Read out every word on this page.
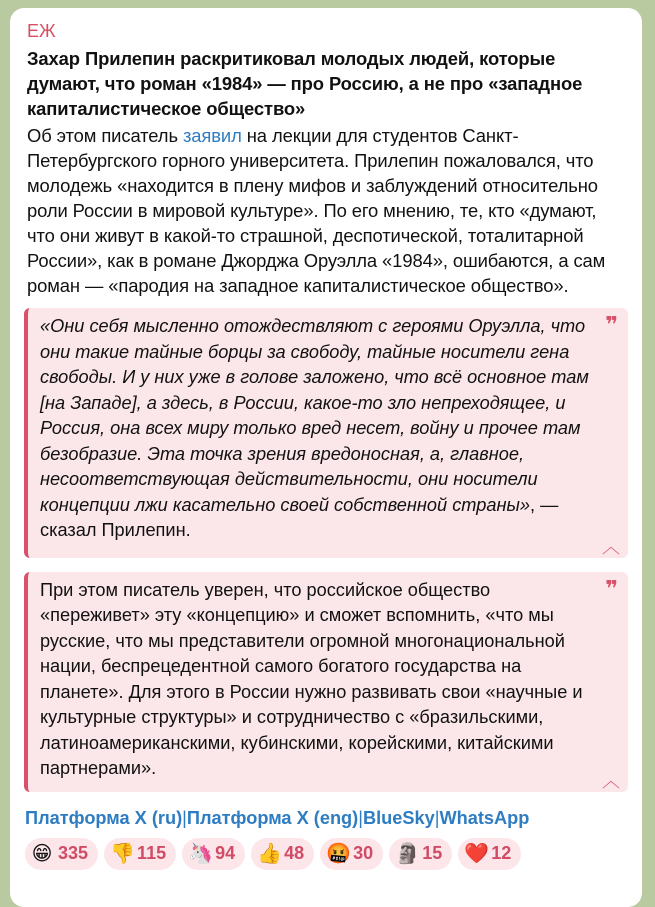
ЕЖ
Захар Прилепин раскритиковал молодых людей, которые думают, что роман «1984» — про Россию, а не про «западное капиталистическое общество»
Об этом писатель заявил на лекции для студентов Санкт-Петербургского горного университета. Прилепин пожаловался, что молодежь «находится в плену мифов и заблуждений относительно роли России в мировой культуре». По его мнению, те, кто «думают, что они живут в какой-то страшной, деспотической, тоталитарной России», как в романе Джорджа Оруэлла «1984», ошибаются, а сам роман — «пародия на западное капиталистическое общество».
❞
«Они себя мысленно отождествляют с героями Оруэлла, что они такие тайные борцы за свободу, тайные носители гена свободы. И у них уже в голове заложено, что всё основное там [на Западе], а здесь, в России, какое-то зло непреходящее, и Россия, она всех миру только вред несет, войну и прочее там безобразие. Эта точка зрения вредоносная, а, главное, несоответствующая действительности, они носители концепции лжи касательно своей собственной страны», — сказал Прилепин.
︿
❞
При этом писатель уверен, что российское общество «переживет» эту «концепцию» и сможет вспомнить, «что мы русские, что мы представители огромной многонациональной нации, беспрецедентной самого богатого государства на планете». Для этого в России нужно развивать свои «научные и культурные структуры» и сотрудничество с «бразильскими, латиноамериканскими, кубинскими, корейскими, китайскими партнерами».
︿
Платформа X (ru)|Платформа X (eng)|BlueSky|WhatsApp
😁 335 👎 115 🦄 94 👍 48 🤬 30 🗿 15 ❤️ 12
